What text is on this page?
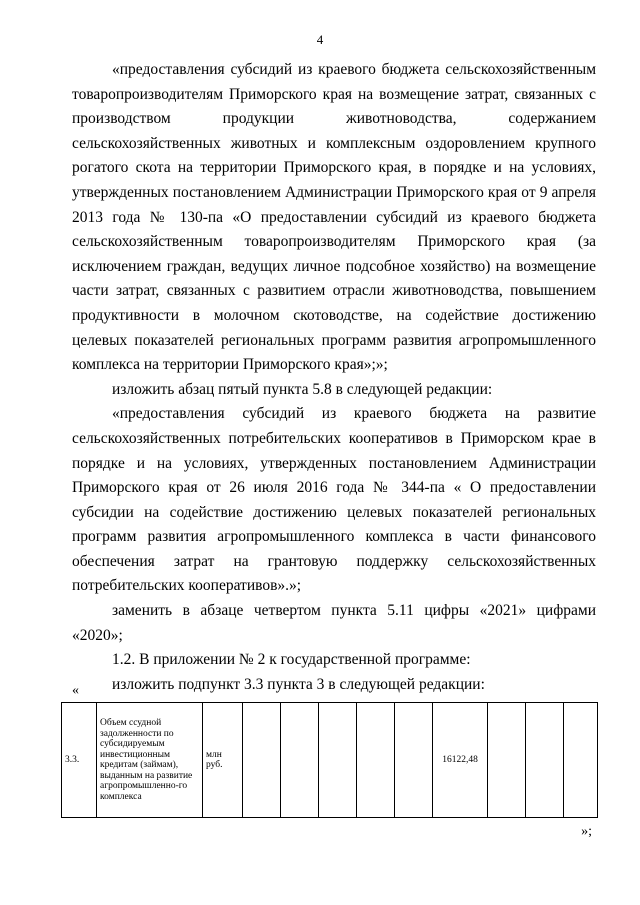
4

«предоставления субсидий из краевого бюджета сельскохозяйственным товаропроизводителям Приморского края на возмещение затрат, связанных с производством продукции животноводства, содержанием сельскохозяйственных животных и комплексным оздоровлением крупного рогатого скота на территории Приморского края, в порядке и на условиях, утвержденных постановлением Администрации Приморского края от 9 апреля 2013 года № 130-па «О предоставлении субсидий из краевого бюджета сельскохозяйственным товаропроизводителям Приморского края (за исключением граждан, ведущих личное подсобное хозяйство) на возмещение части затрат, связанных с развитием отрасли животноводства, повышением продуктивности в молочном скотоводстве, на содействие достижению целевых показателей региональных программ развития агропромышленного комплекса на территории Приморского края»;»;

изложить абзац пятый пункта 5.8 в следующей редакции:

«предоставления субсидий из краевого бюджета на развитие сельскохозяйственных потребительских кооперативов в Приморском крае в порядке и на условиях, утвержденных постановлением Администрации Приморского края от 26 июля 2016 года № 344-па « О предоставлении субсидии на содействие достижению целевых показателей региональных программ развития агропромышленного комплекса в части финансового обеспечения затрат на грантовую поддержку сельскохозяйственных потребительских кооперативов».»;

заменить в абзаце четвертом пункта 5.11 цифры «2021» цифрами «2020»;

1.2. В приложении № 2 к государственной программе:

изложить подпункт 3.3 пункта 3 в следующей редакции:

«
3.3.	Объем ссудной задолженности по субсидируемым инвестиционным кредитам (займам), выданным на развитие агропромышленно-го комплекса	млн руб.						16122,48			
»;
